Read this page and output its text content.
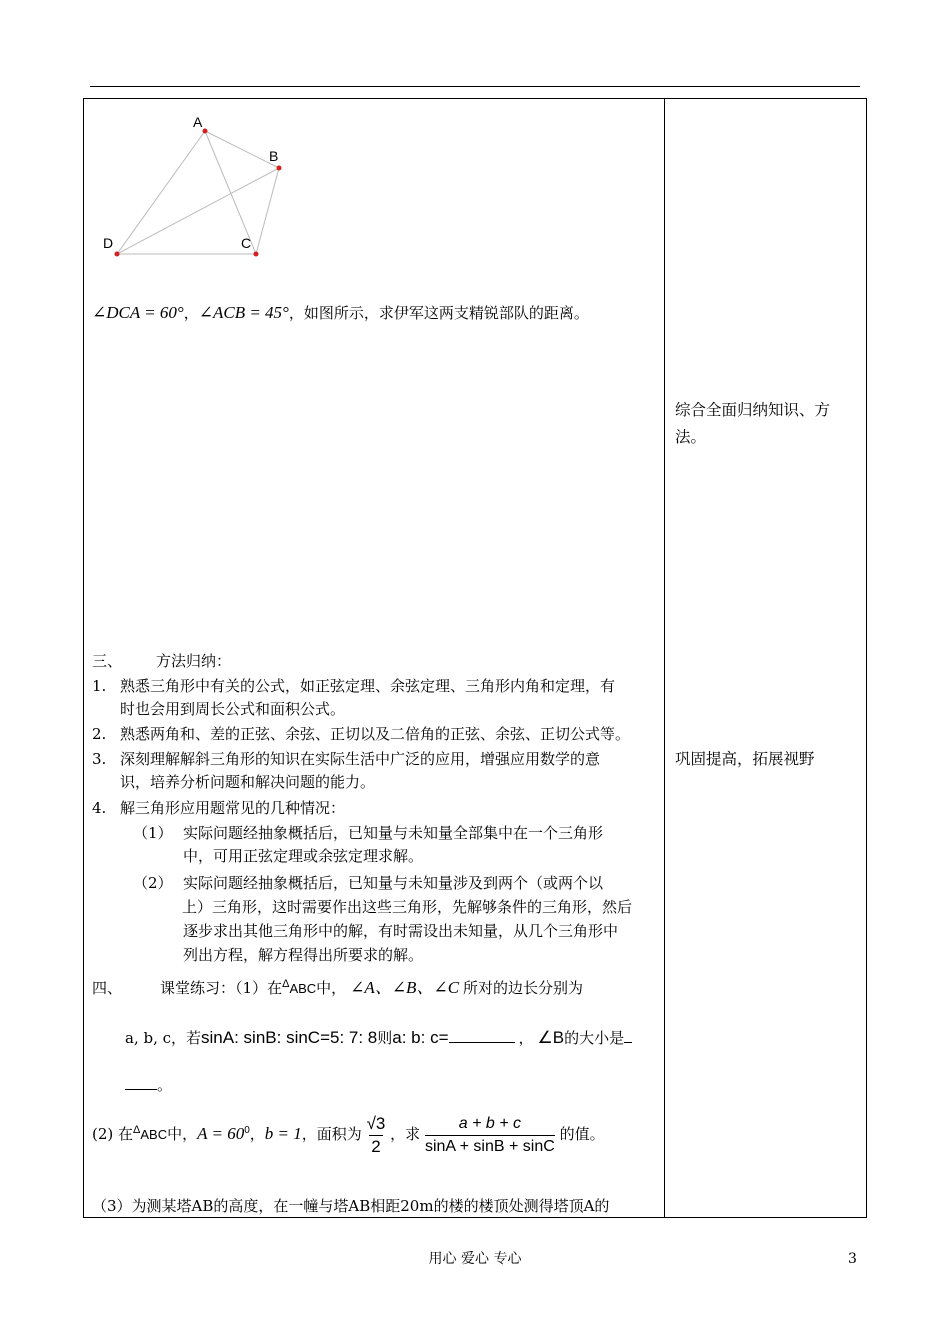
A
B
C
D
∠DCA = 60°，∠ACB = 45°，如图所示，求伊军这两支精锐部队的距离。
综合全面归纳知识、方法。
巩固提高，拓展视野
三、 方法归纳：
1. 熟悉三角形中有关的公式，如正弦定理、余弦定理、三角形内角和定理，有
时也会用到周长公式和面积公式。
2. 熟悉两角和、差的正弦、余弦、正切以及二倍角的正弦、余弦、正切公式等。
3. 深刻理解解斜三角形的知识在实际生活中广泛的应用，增强应用数学的意
识，培养分析问题和解决问题的能力。
4. 解三角形应用题常见的几种情况：
（1） 实际问题经抽象概括后，已知量与未知量全部集中在一个三角形
中，可用正弦定理或余弦定理求解。
（2） 实际问题经抽象概括后，已知量与未知量涉及到两个（或两个以
上）三角形，这时需要作出这些三角形，先解够条件的三角形，然后
逐步求出其他三角形中的解，有时需设出未知量，从几个三角形中
列出方程，解方程得出所要求的解。
四、	课堂练习：（1）在$^\Delta$ABC中， ∠A、∠B、∠C 所对的边长分别为
a, b, c，若sinA: sinB: sinC=5: 7: 8则a: b: c=	， ∠B的大小是
。
(2) 在$^\Delta$ABC中，$A = 60^0$，b = 1，面积为 $\frac{√3}{2}$ ，求 $\frac{a + b + c}{\sin A + \sin B + \sin C}$ 的值。
（3）为测某塔AB的高度，在一幢与塔AB相距20m的楼的楼顶处测得塔顶A的
用心 爱心 专心	3
